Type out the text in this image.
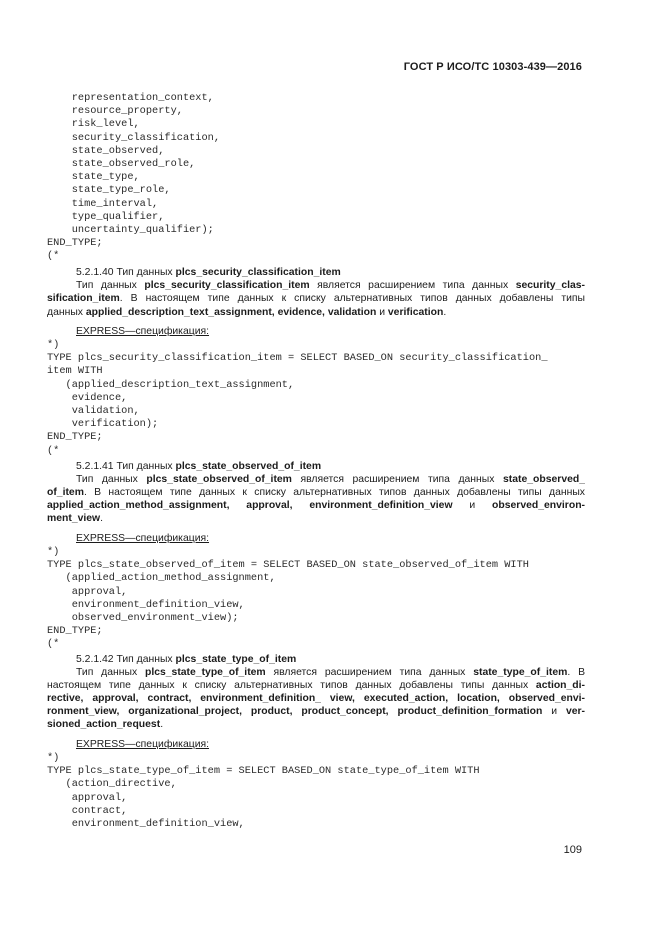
ГОСТ Р ИСО/ТС 10303-439—2016
representation_context,
resource_property,
risk_level,
security_classification,
state_observed,
state_observed_role,
state_type,
state_type_role,
time_interval,
type_qualifier,
uncertainty_qualifier);
END_TYPE;
(*
5.2.1.40 Тип данных plcs_security_classification_item
Тип данных plcs_security_classification_item является расширением типа данных security_clas-
sification_item. В настоящем типе данных к списку альтернативных типов данных добавлены типы
данных applied_description_text_assignment, evidence, validation и verification.
EXPRESS—спецификация:
*)
TYPE plcs_security_classification_item = SELECT BASED_ON security_classification_
item WITH
(applied_description_text_assignment,
evidence,
validation,
verification);
END_TYPE;
(*
5.2.1.41 Тип данных plcs_state_observed_of_item
Тип данных plcs_state_observed_of_item является расширением типа данных state_observed_
of_item. В настоящем типе данных к списку альтернативных типов данных добавлены типы данных
applied_action_method_assignment, approval, environment_definition_view и observed_environ-
ment_view.
EXPRESS—спецификация:
*)
TYPE plcs_state_observed_of_item = SELECT BASED_ON state_observed_of_item WITH
(applied_action_method_assignment,
approval,
environment_definition_view,
observed_environment_view);
END_TYPE;
(*
5.2.1.42 Тип данных plcs_state_type_of_item
Тип данных plcs_state_type_of_item является расширением типа данных state_type_of_item. В
настоящем типе данных к списку альтернативных типов данных добавлены типы данных action_di-
rective, approval, contract, environment_definition_ view, executed_action, location, observed_envi-
ronment_view, organizational_project, product, product_concept, product_definition_formation и ver-
sioned_action_request.
EXPRESS—спецификация:
*)
TYPE plcs_state_type_of_item = SELECT BASED_ON state_type_of_item WITH
(action_directive,
approval,
contract,
environment_definition_view,
109
